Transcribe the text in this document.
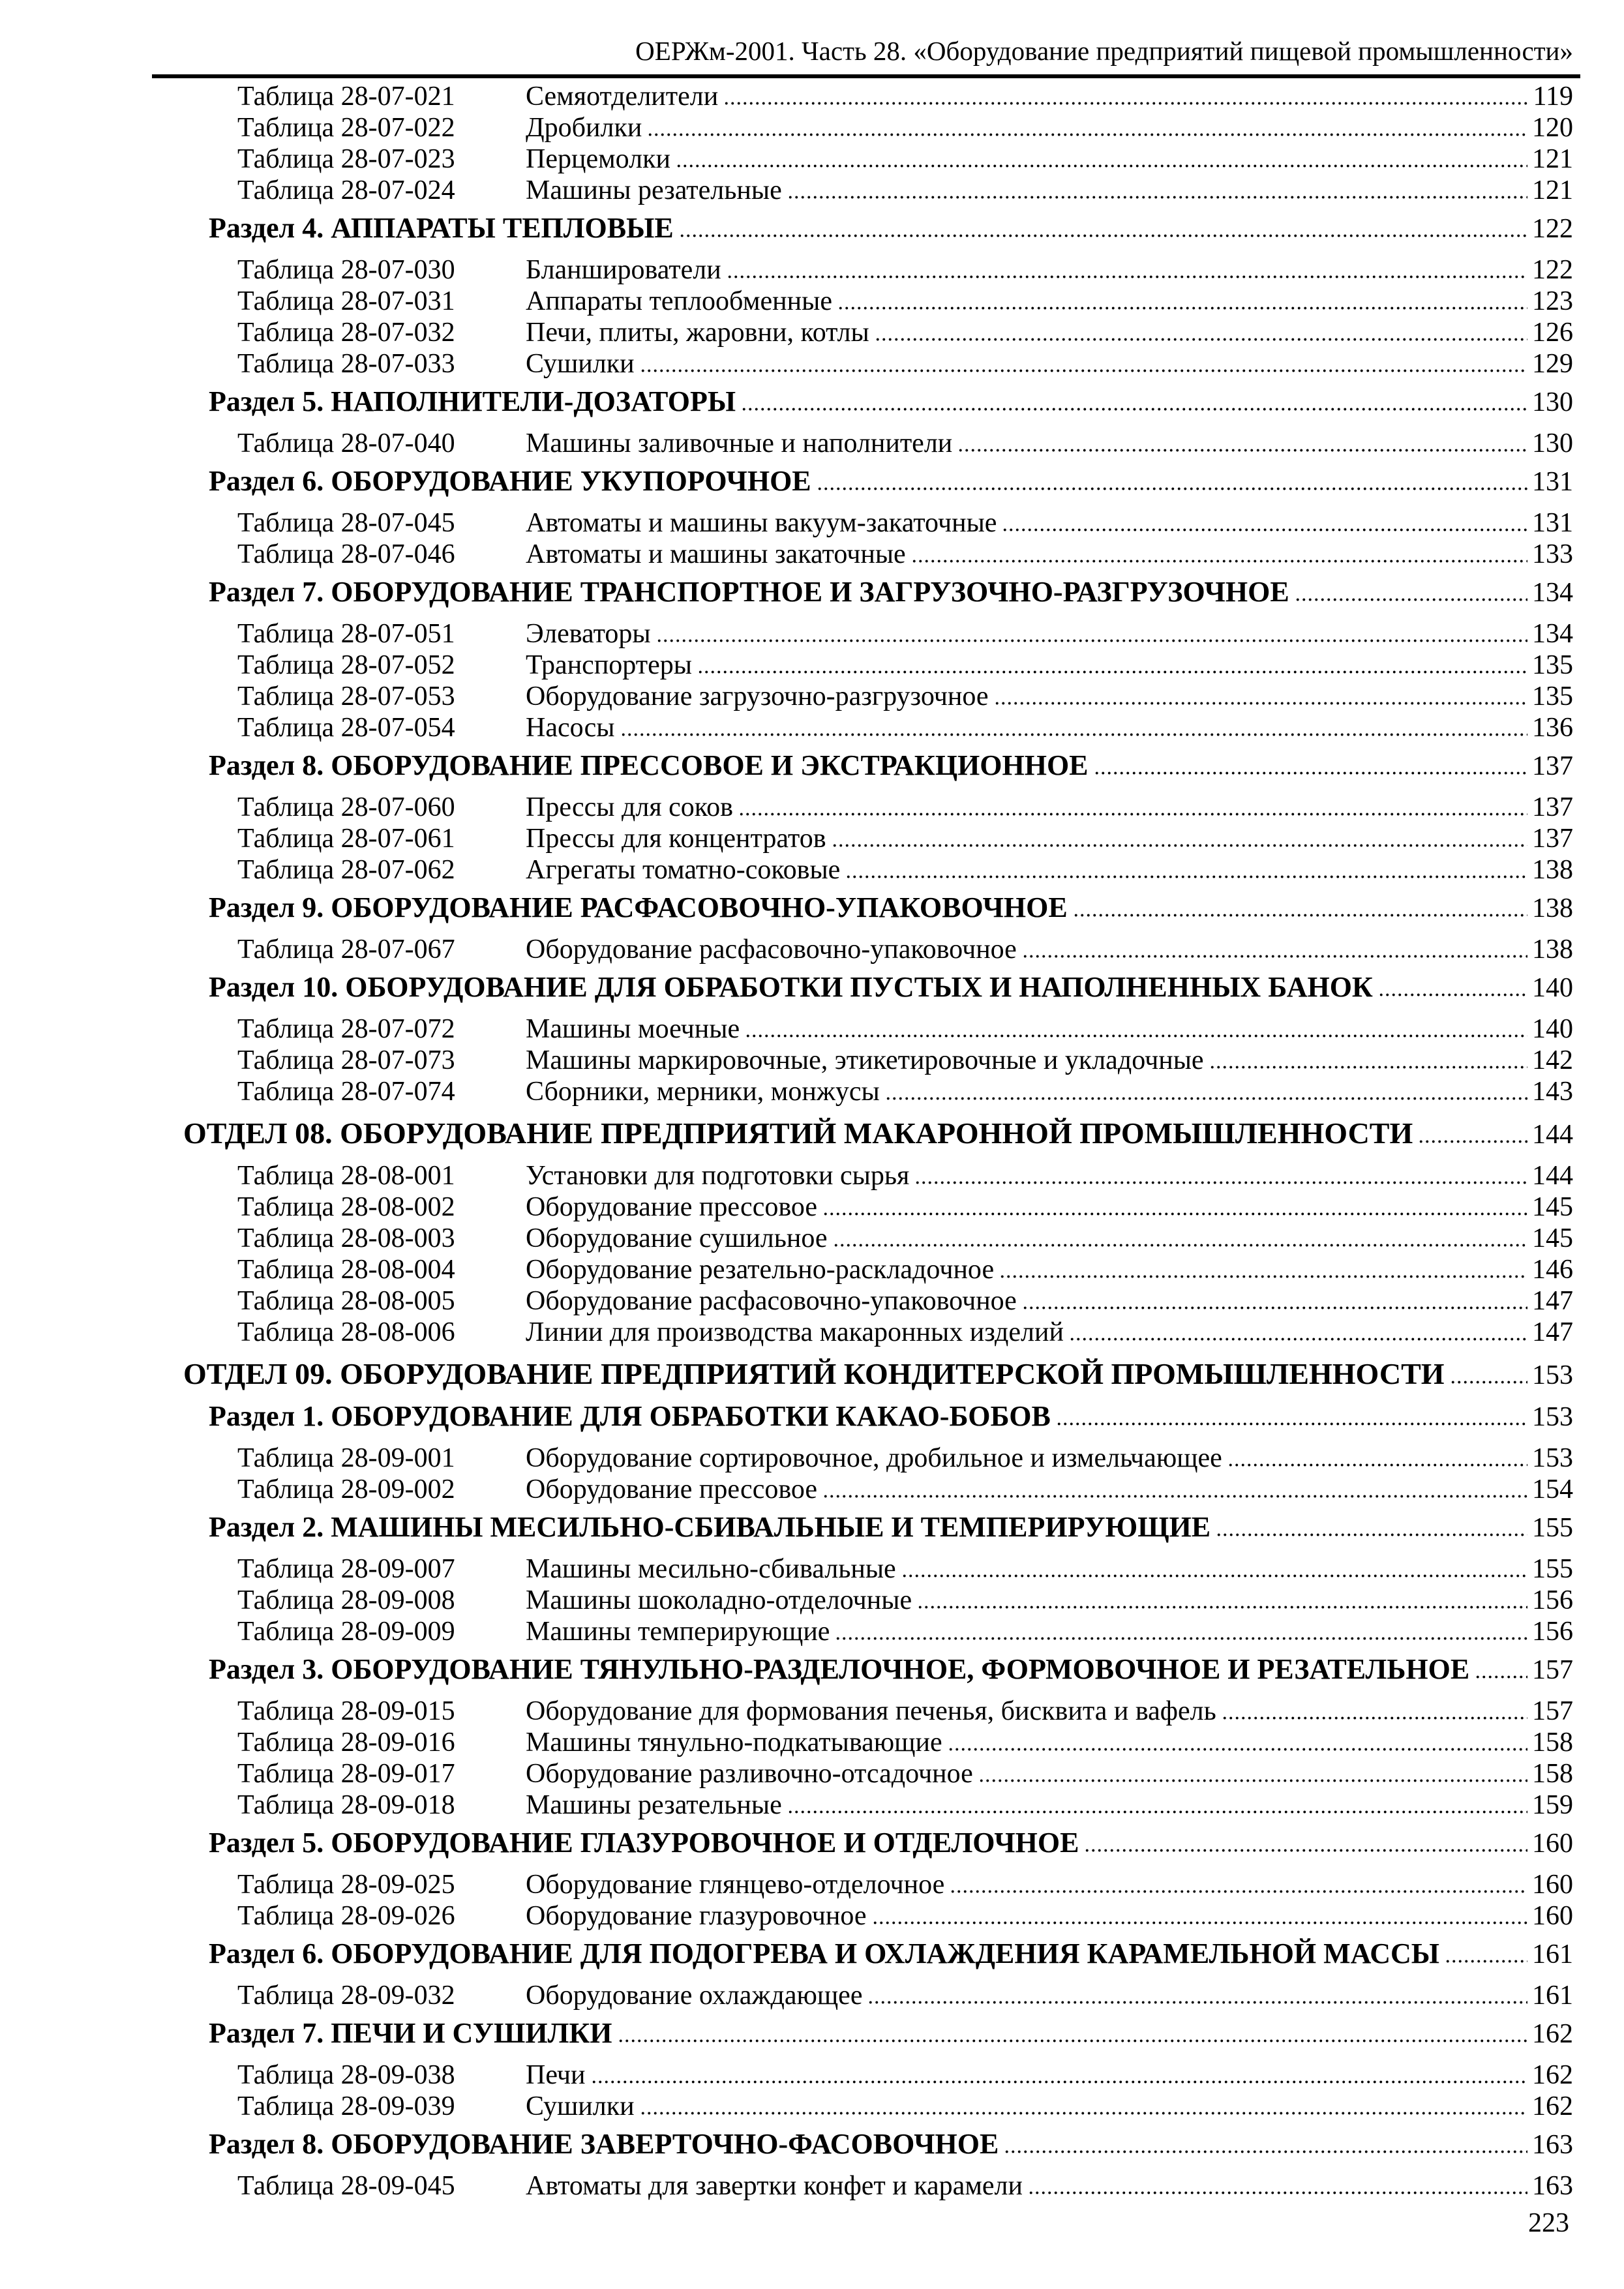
ОЕРЖм-2001. Часть 28. «Оборудование предприятий пищевой промышленности»
Таблица 28-07-021	Семяотделители	119
Таблица 28-07-022	Дробилки	120
Таблица 28-07-023	Перцемолки	121
Таблица 28-07-024	Машины резательные	121
Раздел 4. АППАРАТЫ ТЕПЛОВЫЕ	122
Таблица 28-07-030	Бланширователи	122
Таблица 28-07-031	Аппараты теплообменные	123
Таблица 28-07-032	Печи, плиты, жаровни, котлы	126
Таблица 28-07-033	Сушилки	129
Раздел 5. НАПОЛНИТЕЛИ-ДОЗАТОРЫ	130
Таблица 28-07-040	Машины заливочные и наполнители	130
Раздел 6. ОБОРУДОВАНИЕ УКУПОРОЧНОЕ	131
Таблица 28-07-045	Автоматы и машины вакуум-закаточные	131
Таблица 28-07-046	Автоматы и машины закаточные	133
Раздел 7. ОБОРУДОВАНИЕ ТРАНСПОРТНОЕ И ЗАГРУЗОЧНО-РАЗГРУЗОЧНОЕ	134
Таблица 28-07-051	Элеваторы	134
Таблица 28-07-052	Транспортеры	135
Таблица 28-07-053	Оборудование загрузочно-разгрузочное	135
Таблица 28-07-054	Насосы	136
Раздел 8. ОБОРУДОВАНИЕ ПРЕССОВОЕ И ЭКСТРАКЦИОННОЕ	137
Таблица 28-07-060	Прессы для соков	137
Таблица 28-07-061	Прессы для концентратов	137
Таблица 28-07-062	Агрегаты томатно-соковые	138
Раздел 9. ОБОРУДОВАНИЕ РАСФАСОВОЧНО-УПАКОВОЧНОЕ	138
Таблица 28-07-067	Оборудование расфасовочно-упаковочное	138
Раздел 10. ОБОРУДОВАНИЕ ДЛЯ ОБРАБОТКИ ПУСТЫХ И НАПОЛНЕННЫХ БАНОК	140
Таблица 28-07-072	Машины моечные	140
Таблица 28-07-073	Машины маркировочные, этикетировочные и укладочные	142
Таблица 28-07-074	Сборники, мерники, монжусы	143
ОТДЕЛ 08. ОБОРУДОВАНИЕ ПРЕДПРИЯТИЙ МАКАРОННОЙ ПРОМЫШЛЕННОСТИ	144
Таблица 28-08-001	Установки для подготовки сырья	144
Таблица 28-08-002	Оборудование прессовое	145
Таблица 28-08-003	Оборудование сушильное	145
Таблица 28-08-004	Оборудование резательно-раскладочное	146
Таблица 28-08-005	Оборудование расфасовочно-упаковочное	147
Таблица 28-08-006	Линии для производства макаронных изделий	147
ОТДЕЛ 09. ОБОРУДОВАНИЕ ПРЕДПРИЯТИЙ КОНДИТЕРСКОЙ ПРОМЫШЛЕННОСТИ	153
Раздел 1. ОБОРУДОВАНИЕ ДЛЯ ОБРАБОТКИ КАКАО-БОБОВ	153
Таблица 28-09-001	Оборудование сортировочное, дробильное и измельчающее	153
Таблица 28-09-002	Оборудование прессовое	154
Раздел 2. МАШИНЫ МЕСИЛЬНО-СБИВАЛЬНЫЕ И ТЕМПЕРИРУЮЩИЕ	155
Таблица 28-09-007	Машины месильно-сбивальные	155
Таблица 28-09-008	Машины шоколадно-отделочные	156
Таблица 28-09-009	Машины темперирующие	156
Раздел 3. ОБОРУДОВАНИЕ ТЯНУЛЬНО-РАЗДЕЛОЧНОЕ, ФОРМОВОЧНОЕ И РЕЗАТЕЛЬНОЕ 157
Таблица 28-09-015	Оборудование для формования печенья, бисквита и вафель	157
Таблица 28-09-016	Машины тянульно-подкатывающие	158
Таблица 28-09-017	Оборудование разливочно-отсадочное	158
Таблица 28-09-018	Машины резательные	159
Раздел 5. ОБОРУДОВАНИЕ ГЛАЗУРОВОЧНОЕ И ОТДЕЛОЧНОЕ	160
Таблица 28-09-025	Оборудование глянцево-отделочное	160
Таблица 28-09-026	Оборудование глазуровочное	160
Раздел 6. ОБОРУДОВАНИЕ ДЛЯ ПОДОГРЕВА И ОХЛАЖДЕНИЯ КАРАМЕЛЬНОЙ МАССЫ	161
Таблица 28-09-032	Оборудование охлаждающее	161
Раздел 7. ПЕЧИ И СУШИЛКИ	162
Таблица 28-09-038	Печи	162
Таблица 28-09-039	Сушилки	162
Раздел 8. ОБОРУДОВАНИЕ ЗАВЕРТОЧНО-ФАСОВОЧНОЕ	163
Таблица 28-09-045	Автоматы для завертки конфет и карамели	163
223
